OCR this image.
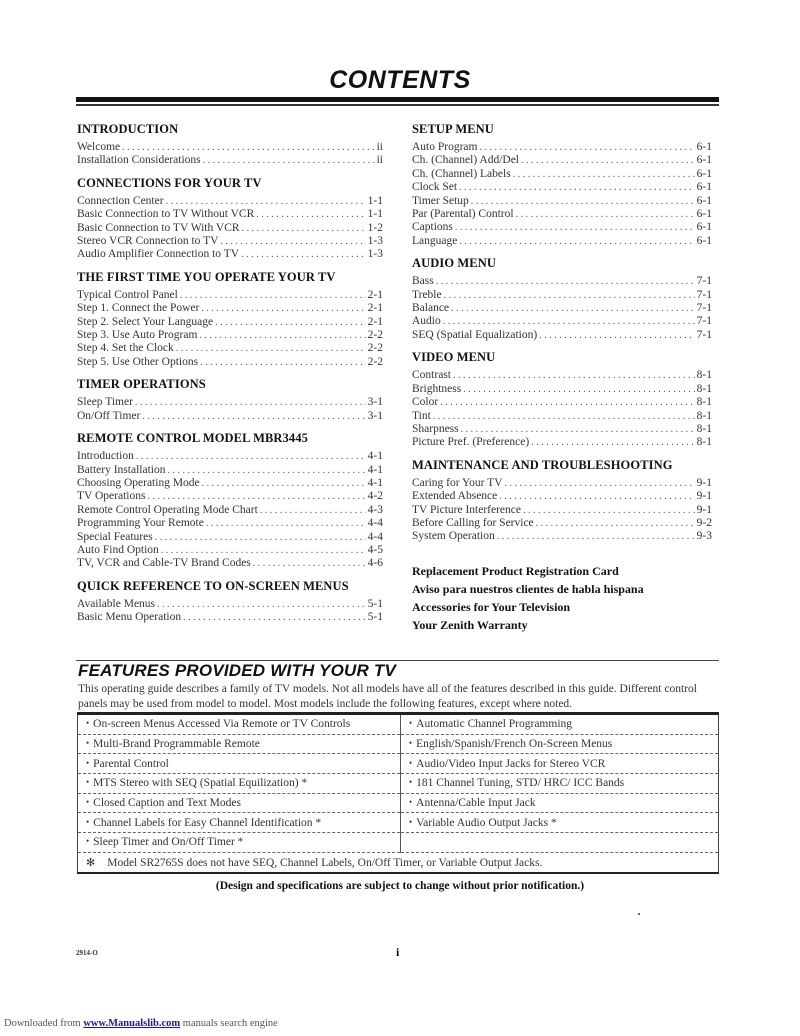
CONTENTS
INTRODUCTION
Welcome . . .	ii
Installation Considerations . . .	ii
CONNECTIONS FOR YOUR TV
Connection Center . . .	1-1
Basic Connection to TV Without VCR . . .	1-1
Basic Connection to TV With VCR . . .	1-2
Stereo VCR Connection to TV . . .	1-3
Audio Amplifier Connection to TV . . .	1-3
THE FIRST TIME YOU OPERATE YOUR TV
Typical Control Panel . . .	2-1
Step 1. Connect the Power . . .	2-1
Step 2. Select Your Language . . .	2-1
Step 3. Use Auto Program . . .	2-2
Step 4. Set the Clock . . .	2-2
Step 5. Use Other Options . . .	2-2
TIMER OPERATIONS
Sleep Timer . . .	3-1
On/Off Timer . . .	3-1
REMOTE CONTROL MODEL MBR3445
Introduction . . .	4-1
Battery Installation . . .	4-1
Choosing Operating Mode . . .	4-1
TV Operations . . .	4-2
Remote Control Operating Mode Chart . . .	4-3
Programming Your Remote . . .	4-4
Special Features . . .	4-4
Auto Find Option . . .	4-5
TV, VCR and Cable-TV Brand Codes . . .	4-6
QUICK REFERENCE TO ON-SCREEN MENUS
Available Menus . . .	5-1
Basic Menu Operation . . .	5-1
SETUP MENU
Auto Program . . .	6-1
Ch. (Channel) Add/Del . . .	6-1
Ch. (Channel) Labels . . .	6-1
Clock Set . . .	6-1
Timer Setup . . .	6-1
Par (Parental) Control . . .	6-1
Captions . . .	6-1
Language . . .	6-1
AUDIO MENU
Bass . . .	7-1
Treble . . .	7-1
Balance . . .	7-1
Audio . . .	7-1
SEQ (Spatial Equalization) . . .	7-1
VIDEO MENU
Contrast . . .	8-1
Brightness . . .	8-1
Color . . .	8-1
Tint . . .	8-1
Sharpness . . .	8-1
Picture Pref. (Preference) . . .	8-1
MAINTENANCE AND TROUBLESHOOTING
Caring for Your TV . . .	9-1
Extended Absence . . .	9-1
TV Picture Interference . . .	9-1
Before Calling for Service . . .	9-2
System Operation . . .	9-3
Replacement Product Registration Card
Aviso para nuestros clientes de habla hispana
Accessories for Your Television
Your Zenith Warranty
FEATURES PROVIDED WITH YOUR TV
This operating guide describes a family of TV models. Not all models have all of the features described in this guide. Different control panels may be used from model to model. Most models include the following features, except where noted.
• On-screen Menus Accessed Via Remote or TV Controls	• Automatic Channel Programming
• Multi-Brand Programmable Remote	• English/Spanish/French On-Screen Menus
• Parental Control	• Audio/Video Input Jacks for Stereo VCR
• MTS Stereo with SEQ (Spatial Equilization) *	• 181 Channel Tuning, STD/ HRC/ ICC Bands
• Closed Caption and Text Modes	• Antenna/Cable Input Jack
• Channel Labels for Easy Channel Identification *	• Variable Audio Output Jacks *
• Sleep Timer and On/Off Timer *	
✻ Model SR2765S does not have SEQ, Channel Labels, On/Off Timer, or Variable Output Jacks.	
(Design and specifications are subject to change without prior notification.)
2914-O	i
Downloaded from www.Manualslib.com manuals search engine
